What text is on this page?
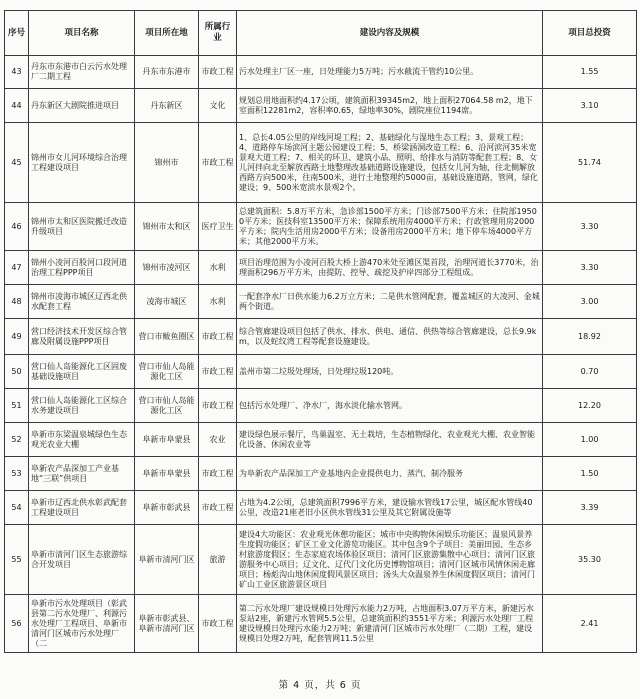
序号	项目名称	项目所在地	所属行业	建设内容及规模	项目总投资
43	丹东市东港市白云污水处理厂二期工程	丹东市东港市	市政工程	污水处理主厂区一座，日处理能力5万吨；污水截流干管约10公里。	1.55
44	丹东新区大剧院推进项目	丹东新区	文化	规划总用地面积约4.17公顷，建筑面积39345m2，地上面积27064.58 m2，地下室面积12281m2，容积率0.65，绿地率30%，剧院座位1194席。	3.10
45	锦州市女儿河环境综合治理工程建设项目	锦州市	市政工程	1、总长4.05公里的岸线河堤工程；2、基础绿化与湿地生态工程；3、景观工程；4、道路停车场滨河主题公园建设工程；5、桥梁涵洞改造工程；6、沿河滨河35米宽景观大道工程；7、相关的环卫、建筑小品、照明、给排水与消防等配套工程；8、女儿河拌向北至解放西路土地整理改基础道路设施建设，包括女儿河为轴，往北侧解放西路方向500米，往南500米，进行土地整理约5000亩，基础设施道路，管网，绿化建设；9、500米宽滨水景观2个。	51.74
46	锦州市太和区医院搬迁改造升级项目	锦州市太和区	医疗卫生	总建筑面积：5.8万平方米，急诊部1500平方米；门诊部7500平方米；住院部19500平方米；医技科室13500平方米；保障系统用房4000平方米；行政管理用房2000平方米；院内生活用房2000平方米；设备用房2000平方米；地下停车场4000平方米；其他2000平方米。	3.30
47	锦州小凌河百股河口段河道治理工程PPP项目	锦州市凌河区	水利	项目治理范围为小凌河百股大桥上游470米处至滩区渠首段，治理河道长3770米，治理面积296万平方米，由提防、控导、疏挖及护岸四部分工程组成。	3.30
48	锦州市凌海市城区辽西北供水配套工程	凌海市城区	水利	一配套净水厂日供水能力6.2万立方米；二是供水管网配套，覆盖城区的大凌河、金城两个街道。	3.00
49	营口经济技术开发区综合管廊及附属设施PPP项目	营口市鲅鱼圈区	市政工程	综合管廊建设项目包括了供水、排水、供电、通信、供热等综合管廊建设，总长9.9km，以及蛇纹湾工程等配套设施建设。	18.92
50	营口仙人岛能源化工区固废基础设施项目	营口市仙人岛能源化工区	市政工程	盖州市第二垃圾处理场，日处理垃圾120吨。	0.70
51	营口仙人岛能源化工区综合水务建设项目	营口市仙人岛能源化工区	市政工程	包括污水处理厂、净水厂，海水淡化输水管网。	12.20
52	阜新市东梁温泉城绿色生态观光农业大棚	阜新市阜蒙县	农业	建设绿色展示餐厅，鸟巢温室、无土栽培，生态植物绿化、农业观光大棚、农业智能化设备、休闲农业等	1.00
53	阜新农产品深加工产业基地“三联”供项目	阜新市阜蒙县	市政工程	为阜新农产品深加工产业基地内企业提供电力、蒸汽、制冷服务	1.50
54	阜新市辽西北供水彰武配套工程建设项目	阜新市彰武县	市政工程	占地为4.2公顷，总建筑面积7996平方米，建设输水管线17公里，城区配水管线40公里，改造21座老旧小区供水管线31公里及其它附属设施等	3.39
55	阜新市清河门区生态旅游综合开发项目	阜新市清河门区	旅游	建设4大功能区：农业观光休憩功能区；城市中央购物休闲娱乐功能区；温泉风景养生度假功能区；矿区工业文化游览功能区。其中包含9个子项目：美丽田园、生态乡村旅游度假区；生态家庭农场体验区项目；清河门区旅游集散中心项目；清河门区旅游服务中心项目；辽文化、辽代门文化历史博物馆项目；清河门区城市风情休闲走廊项目；杨彪沟山地休闲度假风景区项目；汤头大众温泉养生休闲度假区项目；清河门矿山工业区旅游景区项目	35.30
56	阜新市污水处理项目（彰武县第二污水处理厂、利源污水处理厂工程项目、阜新市清河门区城市污水处理厂（二	阜新市彰武县、阜新市清河门区	市政工程	第二污水处理厂建设规模日处理污水能力2万吨，占地面积3.07万平方米，新建污水泵站2座，新建污水管网5.5公里，总建筑面积约3551平方米；利源污水处理厂工程建设规模日处理污水能力2万吨；新建清河门区城市污水处理厂（二期）工程，建设规模日处理2万吨，配套管网11.5公里	2.41
第 4 页，共 6 页
